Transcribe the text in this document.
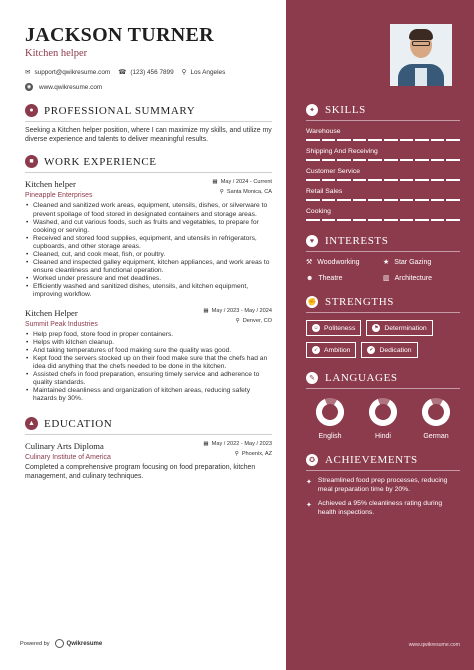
JACKSON TURNER
Kitchen helper
✉ support@qwikresume.com ☎ (123) 456 7899 ⚲ Los Angeles
◉ www.qwikresume.com
● PROFESSIONAL SUMMARY

Seeking a Kitchen helper position, where I can maximize my skills, and utilize my diverse experience and talents to deliver meaningful results.

■ WORK EXPERIENCE
Kitchen helper
Pineapple Enterprises
▦ May / 2024 - Current
⚲ Santa Monica, CA
• Cleaned and sanitized work areas, equipment, utensils, dishes, or silverware to prevent spoilage of food stored in designated containers and storage areas.
• Washed, and cut various foods, such as fruits and vegetables, to prepare for cooking or serving.
• Received and stored food supplies, equipment, and utensils in refrigerators, cupboards, and other storage areas.
• Cleaned, cut, and cook meat, fish, or poultry.
• Cleaned and inspected galley equipment, kitchen appliances, and work areas to ensure cleanliness and functional operation.
• Worked under pressure and met deadlines.
• Efficiently washed and sanitized dishes, utensils, and kitchen equipment, improving workflow.
Kitchen Helper
Summit Peak Industries
▦ May / 2023 - May / 2024
⚲ Denver, CO
• Help prep food, store food in proper containers.
• Helps with kitchen cleanup.
• And taking temperatures of food making sure the quality was good.
• Kept food the servers stocked up on their food make sure that the chefs had an idea did anything that the chefs needed to be done in the kitchen.
• Assisted chefs in food preparation, ensuring timely service and adherence to quality standards.
• Maintained cleanliness and organization of kitchen areas, reducing safety hazards by 30%.
▲ EDUCATION
Culinary Arts Diploma
Culinary Institute of America
▦ May / 2022 - May / 2023
⚲ Phoenix, AZ

Completed a comprehensive program focusing on food preparation, kitchen management, and culinary techniques.

Powered by	Qwikresume
✦ SKILLS
Warehouse
Shipping And Receiving
Customer Service
Retail Sales
Cooking
♥ INTERESTS
⚒ Woodworking	★ Star Gazing
☻ Theatre	▥ Architecture
✊ STRENGTHS
☺ Politeness	⚑ Determination
➶ Ambition	✔ Dedication
✎ LANGUAGES
English	Hindi	German
✪ ACHIEVEMENTS
✦ Streamlined food prep processes, reducing meal preparation time by 20%.
✦ Achieved a 95% cleanliness rating during health inspections.
www.qwikresume.com
